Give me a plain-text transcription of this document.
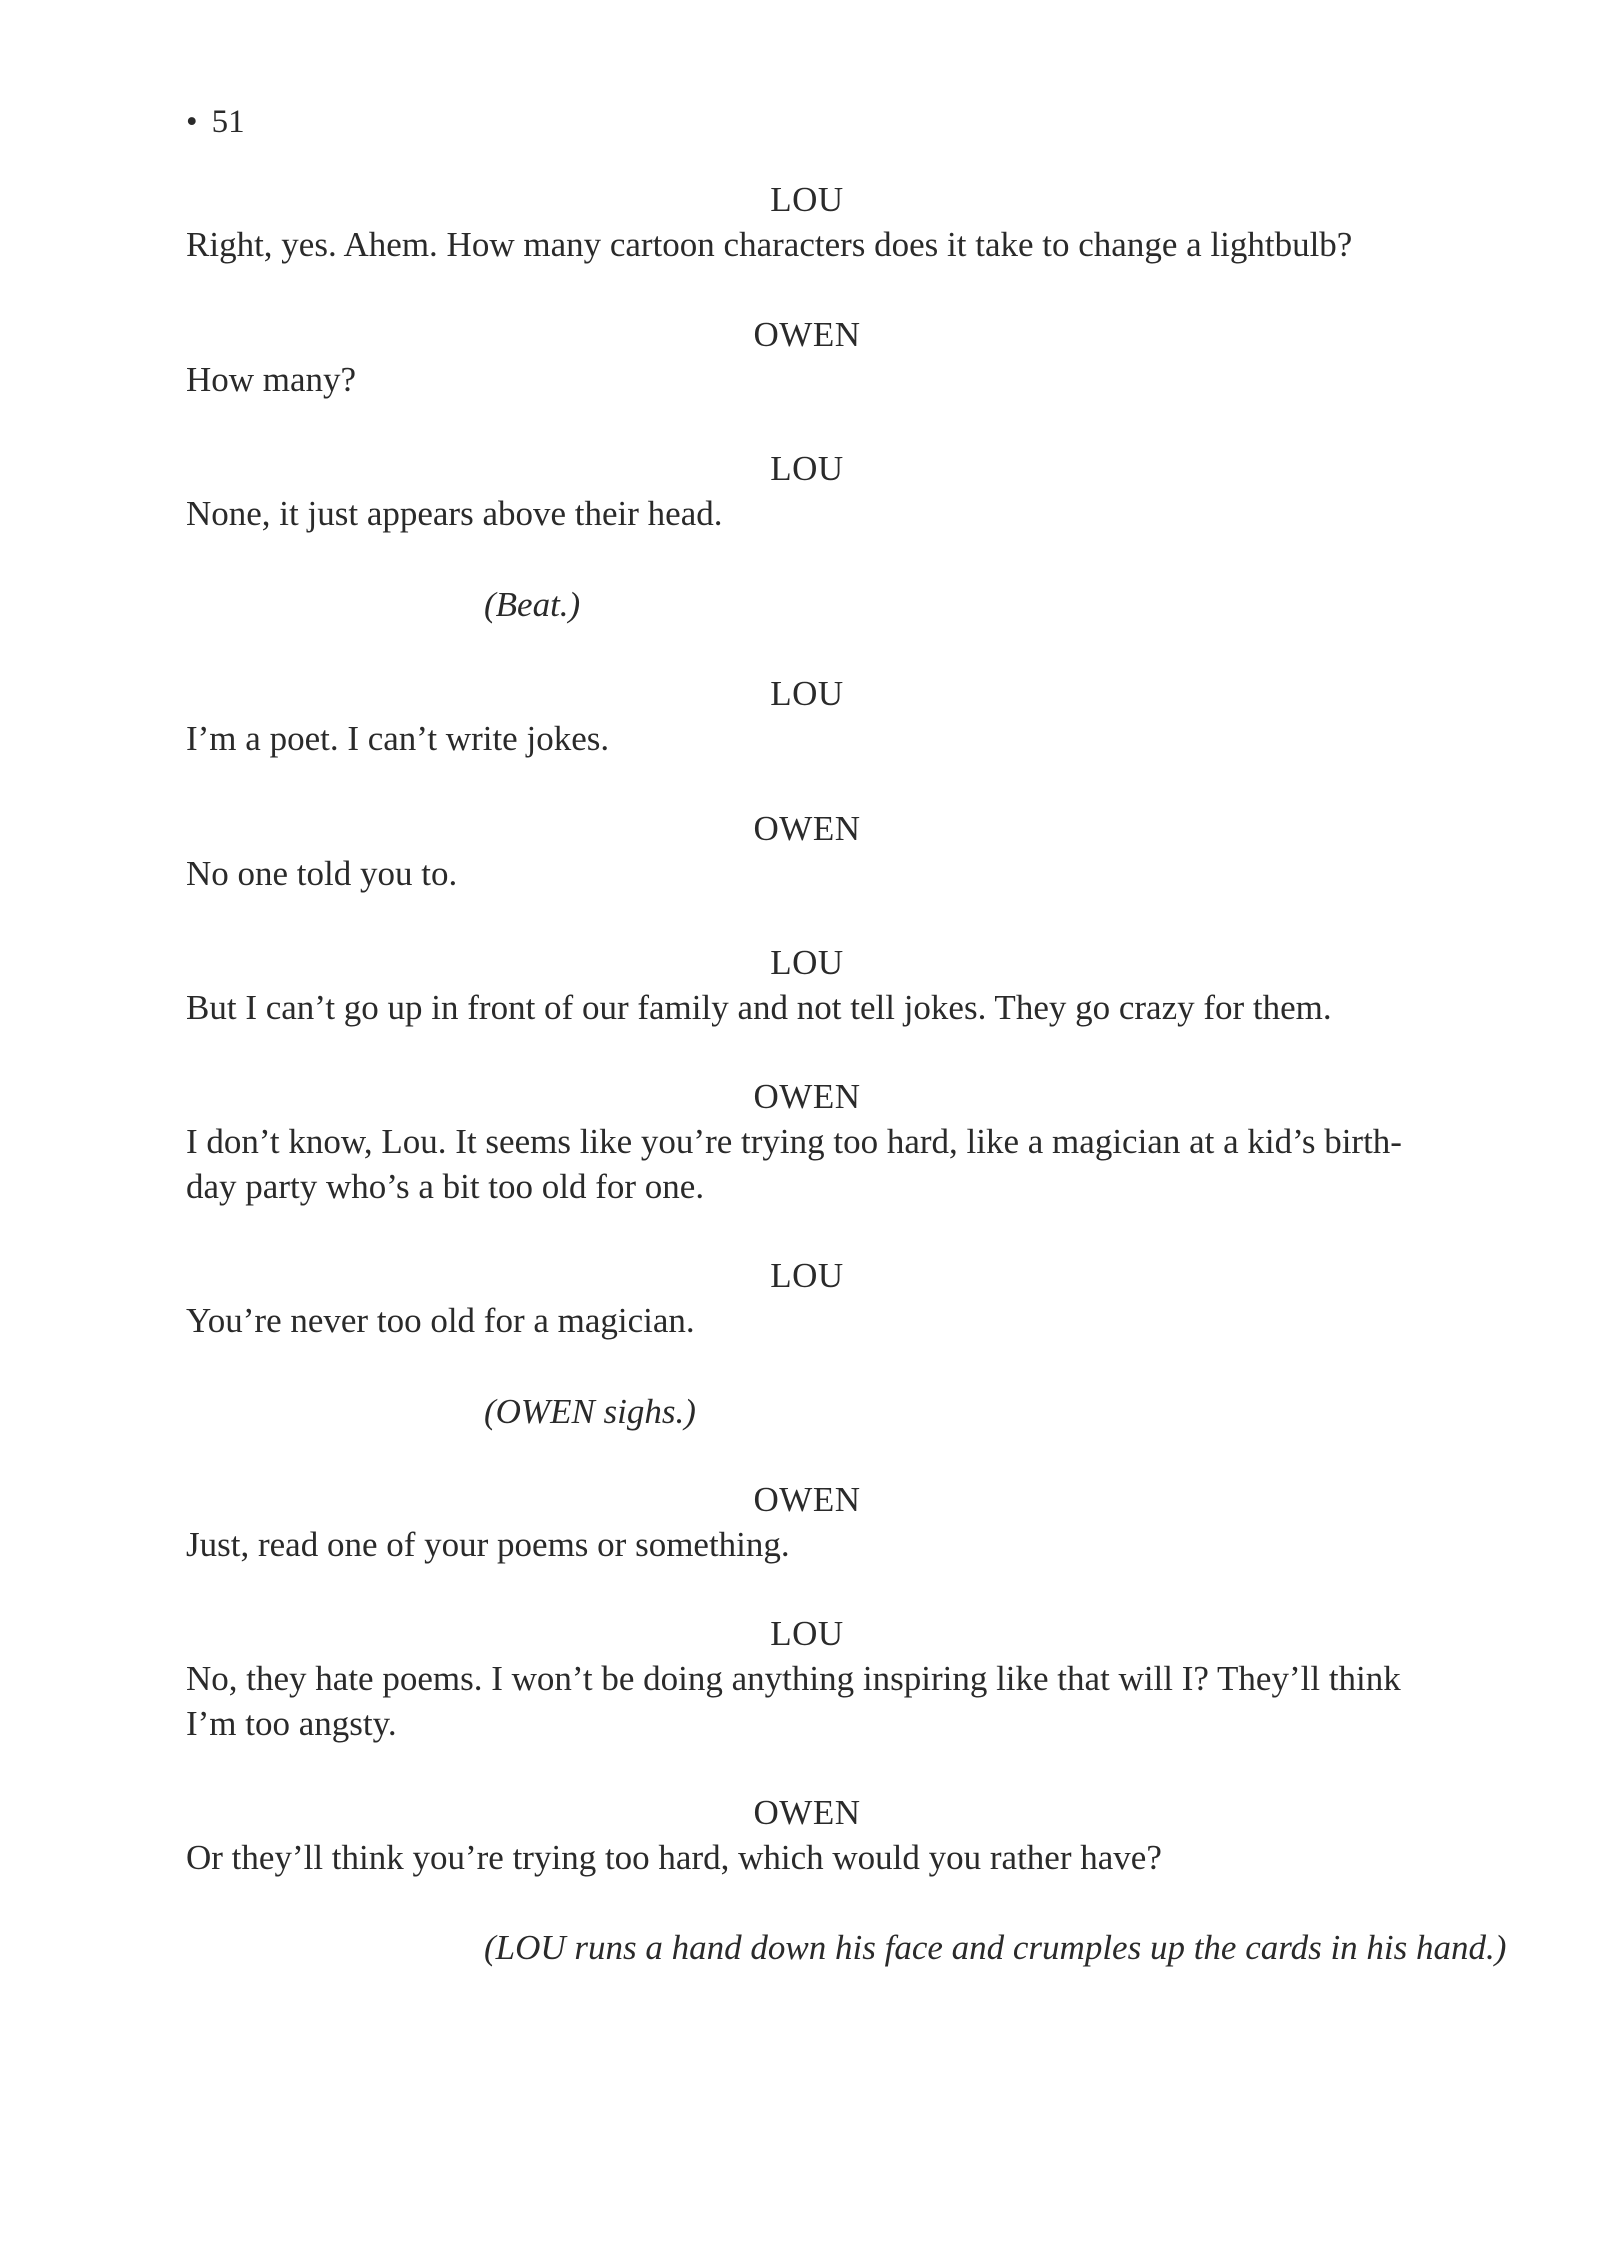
• 51
LOU
Right, yes. Ahem. How many cartoon characters does it take to change a lightbulb?
OWEN
How many?
LOU
None, it just appears above their head.
(Beat.)
LOU
I’m a poet. I can’t write jokes.
OWEN
No one told you to.
LOU
But I can’t go up in front of our family and not tell jokes. They go crazy for them.
OWEN
I don’t know, Lou. It seems like you’re trying too hard, like a magician at a kid’s birth-
day party who’s a bit too old for one.
LOU
You’re never too old for a magician.
(OWEN sighs.)
OWEN
Just, read one of your poems or something.
LOU
No, they hate poems. I won’t be doing anything inspiring like that will I? They’ll think
I’m too angsty.
OWEN
Or they’ll think you’re trying too hard, which would you rather have?
(LOU runs a hand down his face and crumples up the cards in his hand.)
